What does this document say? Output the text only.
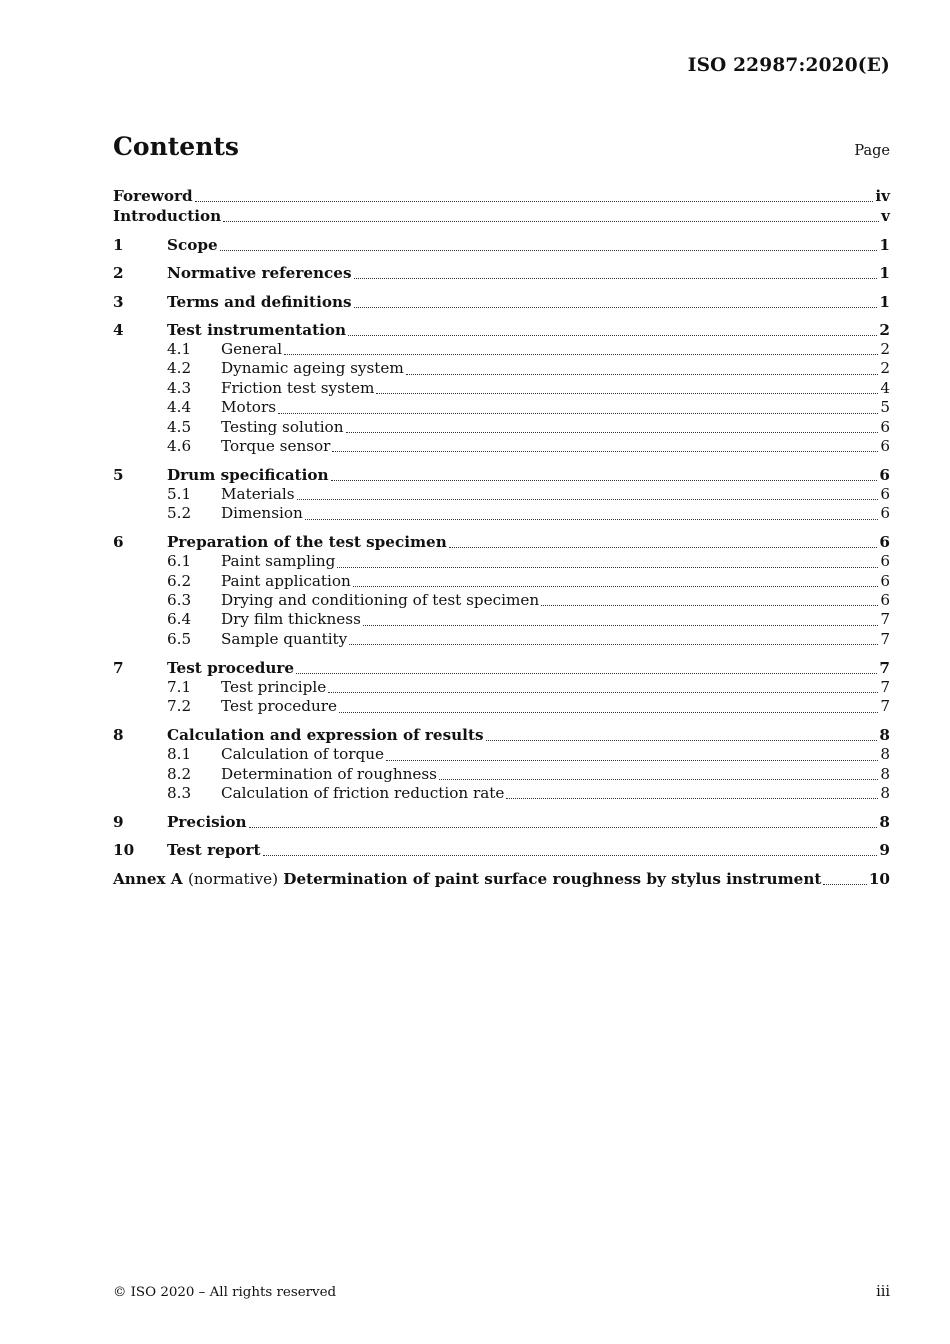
ISO 22987:2020(E)
Contents	Page
Foreword	iv
Introduction	v
1	Scope	1
2	Normative references	1
3	Terms and definitions	1
4	Test instrumentation	2
4.1	General	2
4.2	Dynamic ageing system	2
4.3	Friction test system	4
4.4	Motors	5
4.5	Testing solution	6
4.6	Torque sensor	6
5	Drum specification	6
5.1	Materials	6
5.2	Dimension	6
6	Preparation of the test specimen	6
6.1	Paint sampling	6
6.2	Paint application	6
6.3	Drying and conditioning of test specimen	6
6.4	Dry film thickness	7
6.5	Sample quantity	7
7	Test procedure	7
7.1	Test principle	7
7.2	Test procedure	7
8	Calculation and expression of results	8
8.1	Calculation of torque	8
8.2	Determination of roughness	8
8.3	Calculation of friction reduction rate	8
9	Precision	8
10	Test report	9
Annex A (normative) Determination of paint surface roughness by stylus instrument	10
© ISO 2020 – All rights reserved	iii
